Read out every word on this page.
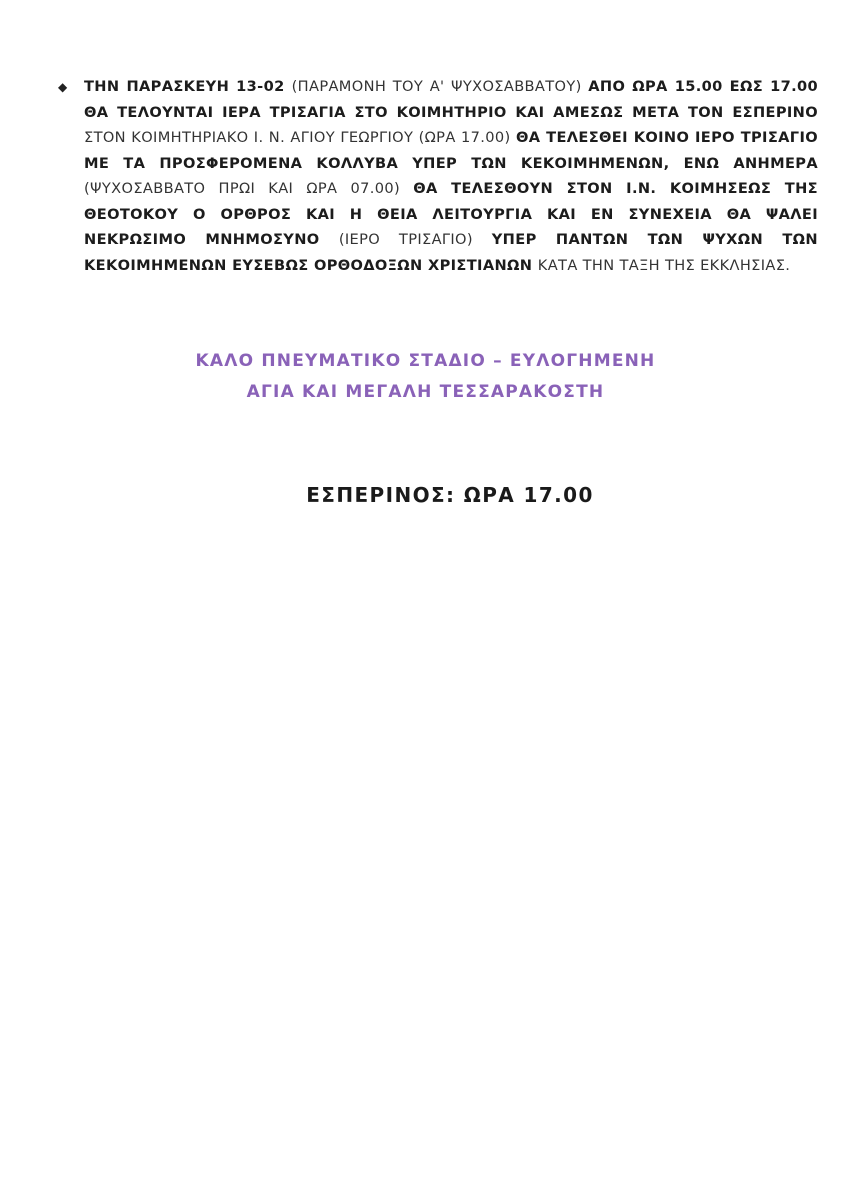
◆	ΤΗΝ ΠΑΡΑΣΚΕΥΗ 13-02 (ΠΑΡΑΜΟΝΗ ΤΟΥ Α' ΨΥΧΟΣΑΒΒΑΤΟΥ) ΑΠΟ ΩΡΑ 15.00 ΕΩΣ 17.00 ΘΑ ΤΕΛΟΥΝΤΑΙ ΙΕΡΑ ΤΡΙΣΑΓΙΑ ΣΤΟ ΚΟΙΜΗΤΗΡΙΟ ΚΑΙ ΑΜΕΣΩΣ ΜΕΤΑ ΤΟΝ ΕΣΠΕΡΙΝΟ ΣΤΟΝ ΚΟΙΜΗΤΗΡΙΑΚΟ Ι. Ν. ΑΓΙΟΥ ΓΕΩΡΓΙΟΥ (ΩΡΑ 17.00) ΘΑ ΤΕΛΕΣΘΕΙ ΚΟΙΝΟ ΙΕΡΟ ΤΡΙΣΑΓΙΟ ΜΕ ΤΑ ΠΡΟΣΦΕΡΟΜΕΝΑ ΚΟΛΛΥΒΑ ΥΠΕΡ ΤΩΝ ΚΕΚΟΙΜΗΜΕΝΩΝ, ΕΝΩ ΑΝΗΜΕΡΑ (ΨΥΧΟΣΑΒΒΑΤΟ ΠΡΩΙ ΚΑΙ ΩΡΑ 07.00) ΘΑ ΤΕΛΕΣΘΟΥΝ ΣΤΟΝ Ι.Ν. ΚΟΙΜΗΣΕΩΣ ΤΗΣ ΘΕΟΤΟΚΟΥ Ο ΟΡΘΡΟΣ ΚΑΙ Η ΘΕΙΑ ΛΕΙΤΟΥΡΓΙΑ ΚΑΙ ΕΝ ΣΥΝΕΧΕΙΑ ΘΑ ΨΑΛΕΙ ΝΕΚΡΩΣΙΜΟ ΜΝΗΜΟΣΥΝΟ (ΙΕΡΟ ΤΡΙΣΑΓΙΟ) ΥΠΕΡ ΠΑΝΤΩΝ ΤΩΝ ΨΥΧΩΝ ΤΩΝ ΚΕΚΟΙΜΗΜΕΝΩΝ ΕΥΣΕΒΩΣ ΟΡΘΟΔΟΞΩΝ ΧΡΙΣΤΙΑΝΩΝ ΚΑΤΑ ΤΗΝ ΤΑΞΗ ΤΗΣ ΕΚΚΛΗΣΙΑΣ.

ΚΑΛΟ ΠΝΕΥΜΑΤΙΚΟ ΣΤΑΔΙΟ – ΕΥΛΟΓΗΜΕΝΗ
ΑΓΙΑ ΚΑΙ ΜΕΓΑΛΗ ΤΕΣΣΑΡΑΚΟΣΤΗ
ΕΣΠΕΡΙΝΟΣ: ΩΡΑ 17.00
